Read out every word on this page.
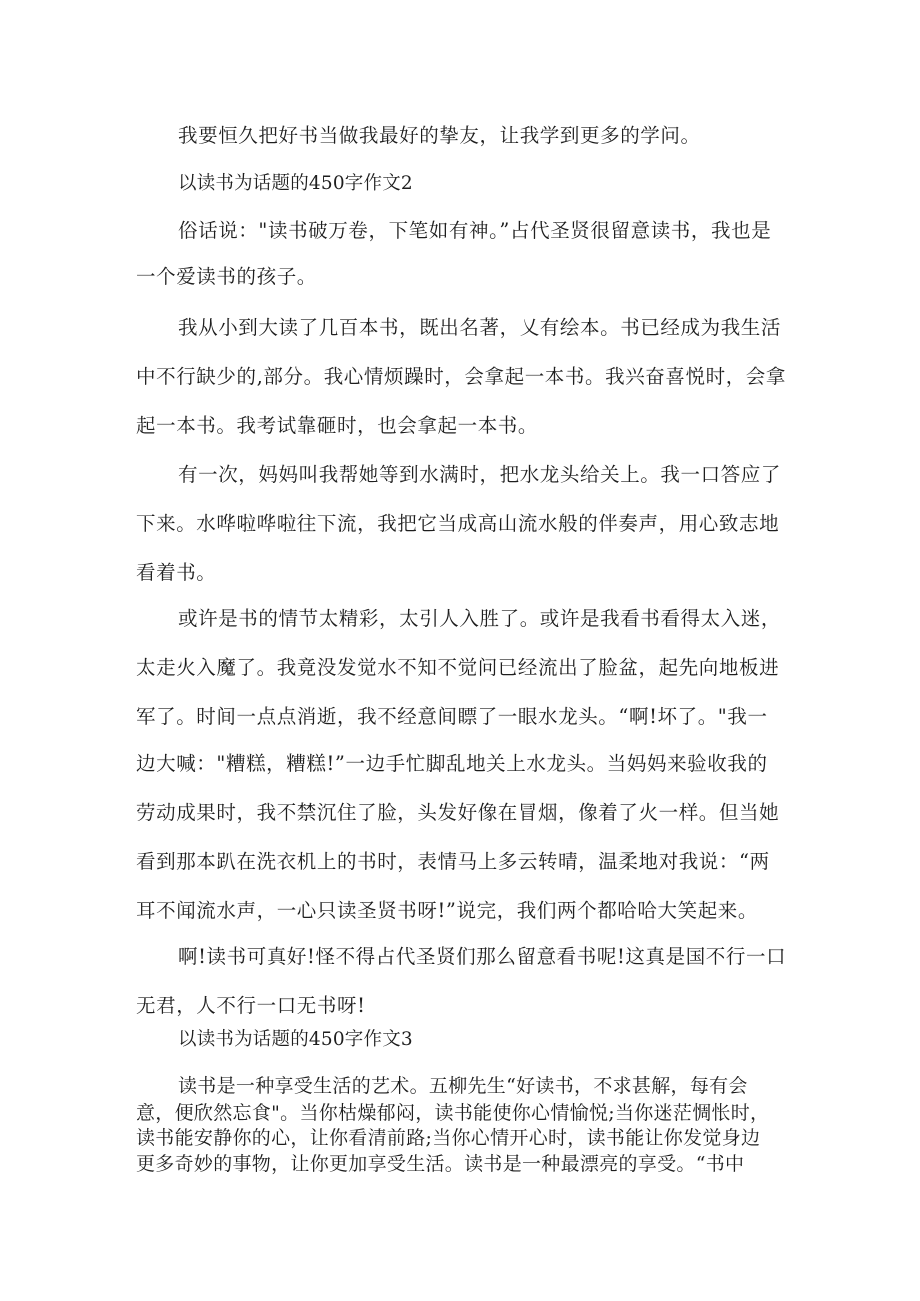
我要恒久把好书当做我最好的挚友，让我学到更多的学问。

以读书为话题的450字作文2

俗话说："读书破万卷，下笔如有神。”占代圣贤很留意读书，我也是

一个爱读书的孩子。

我从小到大读了几百本书，既出名著，乂有绘本。书已经成为我生活

中不行缺少的,部分。我心情烦躁时，会拿起一本书。我兴奋喜悦时，会拿

起一本书。我考试靠砸时，也会拿起一本书。

有一次，妈妈叫我帮她等到水满时，把水龙头给关上。我一口答应了

下来。水哗啦哗啦往下流，我把它当成高山流水般的伴奏声，用心致志地

看着书。

或许是书的情节太精彩，太引人入胜了。或许是我看书看得太入迷，

太走火入魔了。我竟没发觉水不知不觉问已经流出了脸盆，起先向地板进

军了。时间一点点消逝，我不经意间瞟了一眼水龙头。“啊!坏了。"我一

边大喊："糟糕，糟糕!”一边手忙脚乱地关上水龙头。当妈妈来验收我的

劳动成果时，我不禁沉住了脸，头发好像在冒烟，像着了火一样。但当她

看到那本趴在洗衣机上的书时，表情马上多云转晴，温柔地对我说：“两

耳不闻流水声，一心只读圣贤书呀!”说完，我们两个都哈哈大笑起来。

啊!读书可真好!怪不得占代圣贤们那么留意看书呢!这真是国不行一口

无君，人不行一口无书呀!

以读书为话题的450字作文3

读书是一种享受生活的艺术。五柳先生“好读书，不求甚解，每有会

意，便欣然忘食"。当你枯燥郁闷，读书能使你心情愉悦;当你迷茫惆怅时，

读书能安静你的心，让你看清前路;当你心情开心时，读书能让你发觉身边

更多奇妙的事物，让你更加享受生活。读书是一种最漂亮的享受。“书中
